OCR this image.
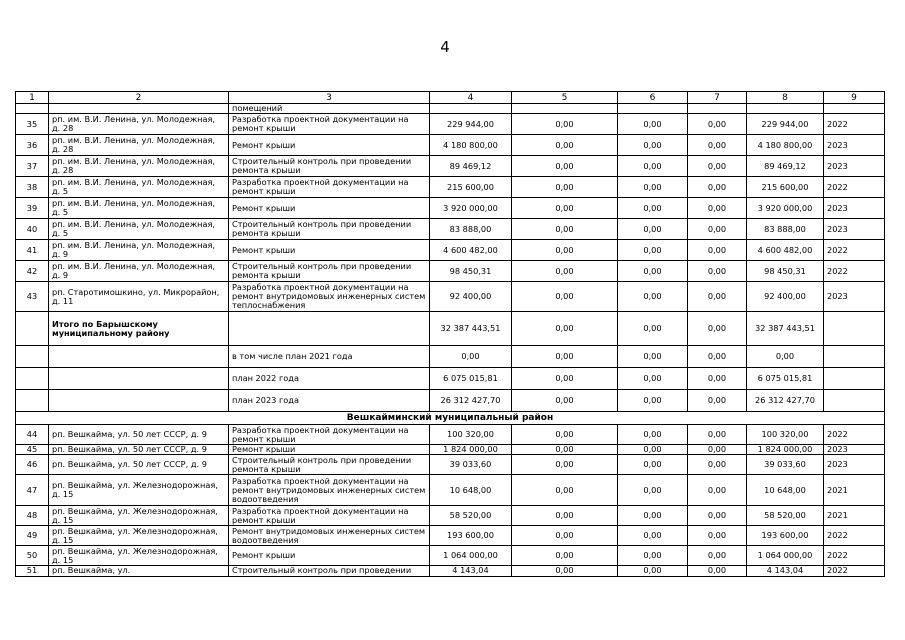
4
1	2	3	4	5	6	7	8	9
		помещений						
35	рп. им. В.И. Ленина, ул. Молодежная, д. 28	Разработка проектной документации на ремонт крыши	229 944,00	0,00	0,00	0,00	229 944,00	2022
36	рп. им. В.И. Ленина, ул. Молодежная, д. 28	Ремонт крыши	4 180 800,00	0,00	0,00	0,00	4 180 800,00	2023
37	рп. им. В.И. Ленина, ул. Молодежная, д. 28	Строительный контроль при проведении ремонта крыши	89 469,12	0,00	0,00	0,00	89 469,12	2023
38	рп. им. В.И. Ленина, ул. Молодежная, д. 5	Разработка проектной документации на ремонт крыши	215 600,00	0,00	0,00	0,00	215 600,00	2022
39	рп. им. В.И. Ленина, ул. Молодежная, д. 5	Ремонт крыши	3 920 000,00	0,00	0,00	0,00	3 920 000,00	2023
40	рп. им. В.И. Ленина, ул. Молодежная, д. 5	Строительный контроль при проведении ремонта крыши	83 888,00	0,00	0,00	0,00	83 888,00	2023
41	рп. им. В.И. Ленина, ул. Молодежная, д. 9	Ремонт крыши	4 600 482,00	0,00	0,00	0,00	4 600 482,00	2022
42	рп. им. В.И. Ленина, ул. Молодежная, д. 9	Строительный контроль при проведении ремонта крыши	98 450,31	0,00	0,00	0,00	98 450,31	2022
43	рп. Старотимошкино, ул. Микрорайон, д. 11	Разработка проектной документации на ремонт внутридомовых инженерных систем теплоснабжения	92 400,00	0,00	0,00	0,00	92 400,00	2023
	Итого по Барышскому муниципальному району		32 387 443,51	0,00	0,00	0,00	32 387 443,51	
		в том числе план 2021 года	0,00	0,00	0,00	0,00	0,00	
		план 2022 года	6 075 015,81	0,00	0,00	0,00	6 075 015,81	
		план 2023 года	26 312 427,70	0,00	0,00	0,00	26 312 427,70	
Вешкайминский муниципальный район								
44	рп. Вешкайма, ул. 50 лет СССР, д. 9	Разработка проектной документации на ремонт крыши	100 320,00	0,00	0,00	0,00	100 320,00	2022
45	рп. Вешкайма, ул. 50 лет СССР, д. 9	Ремонт крыши	1 824 000,00	0,00	0,00	0,00	1 824 000,00	2023
46	рп. Вешкайма, ул. 50 лет СССР, д. 9	Строительный контроль при проведении ремонта крыши	39 033,60	0,00	0,00	0,00	39 033,60	2023
47	рп. Вешкайма, ул. Железнодорожная, д. 15	Разработка проектной документации на ремонт внутридомовых инженерных систем водоотведения	10 648,00	0,00	0,00	0,00	10 648,00	2021
48	рп. Вешкайма, ул. Железнодорожная, д. 15	Разработка проектной документации на ремонт крыши	58 520,00	0,00	0,00	0,00	58 520,00	2021
49	рп. Вешкайма, ул. Железнодорожная, д. 15	Ремонт внутридомовых инженерных систем водоотведения	193 600,00	0,00	0,00	0,00	193 600,00	2022
50	рп. Вешкайма, ул. Железнодорожная, д. 15	Ремонт крыши	1 064 000,00	0,00	0,00	0,00	1 064 000,00	2022
51	рп. Вешкайма, ул.	Строительный контроль при проведении	4 143,04	0,00	0,00	0,00	4 143,04	2022
